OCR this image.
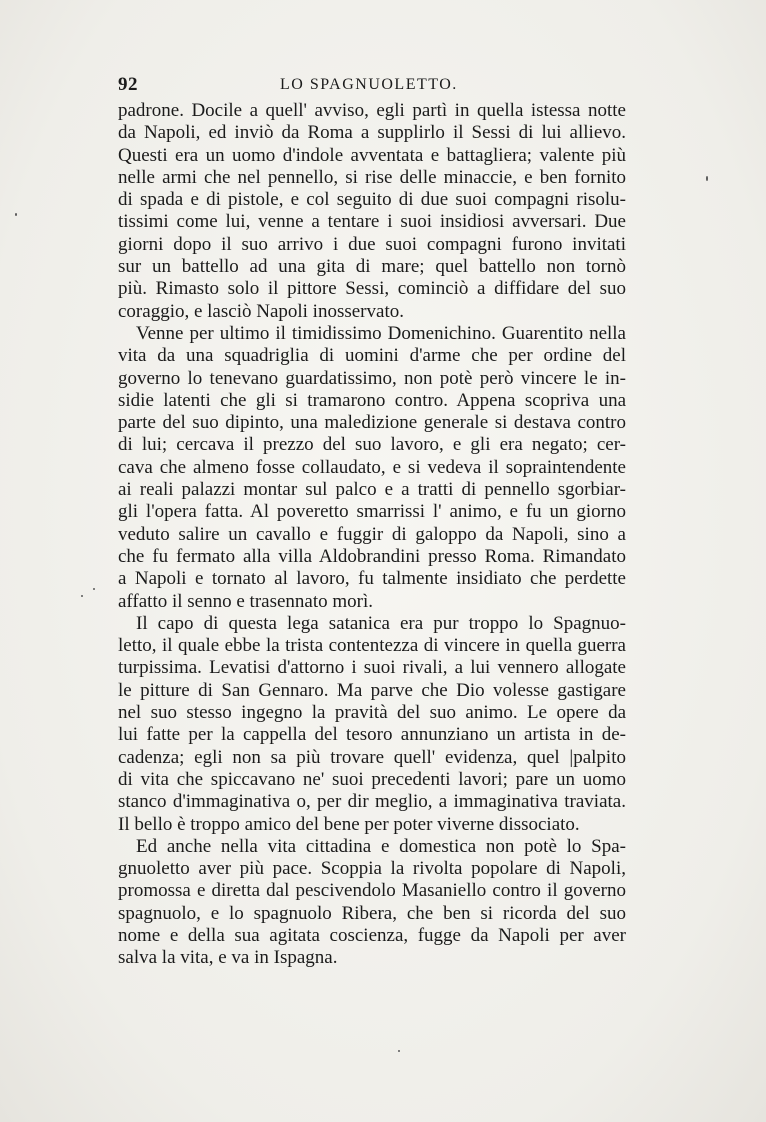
92	LO SPAGNUOLETTO.
padrone. Docile a quell' avviso, egli partì in quella istessa notte
da Napoli, ed inviò da Roma a supplirlo il Sessi di lui allievo.
Questi era un uomo d'indole avventata e battagliera; valente più
nelle armi che nel pennello, si rise delle minaccie, e ben fornito
di spada e di pistole, e col seguito di due suoi compagni risolu-
tissimi come lui, venne a tentare i suoi insidiosi avversari. Due
giorni dopo il suo arrivo i due suoi compagni furono invitati
sur un battello ad una gita di mare; quel battello non tornò
più. Rimasto solo il pittore Sessi, cominciò a diffidare del suo
coraggio, e lasciò Napoli inosservato.
Venne per ultimo il timidissimo Domenichino. Guarentito nella
vita da una squadriglia di uomini d'arme che per ordine del
governo lo tenevano guardatissimo, non potè però vincere le in-
sidie latenti che gli si tramarono contro. Appena scopriva una
parte del suo dipinto, una maledizione generale si destava contro
di lui; cercava il prezzo del suo lavoro, e gli era negato; cer-
cava che almeno fosse collaudato, e si vedeva il sopraintendente
ai reali palazzi montar sul palco e a tratti di pennello sgorbiar-
gli l'opera fatta. Al poveretto smarrissi l' animo, e fu un giorno
veduto salire un cavallo e fuggir di galoppo da Napoli, sino a
che fu fermato alla villa Aldobrandini presso Roma. Rimandato
a Napoli e tornato al lavoro, fu talmente insidiato che perdette
affatto il senno e trasennato morì.
Il capo di questa lega satanica era pur troppo lo Spagnuo-
letto, il quale ebbe la trista contentezza di vincere in quella guerra
turpissima. Levatisi d'attorno i suoi rivali, a lui vennero allogate
le pitture di San Gennaro. Ma parve che Dio volesse gastigare
nel suo stesso ingegno la pravità del suo animo. Le opere da
lui fatte per la cappella del tesoro annunziano un artista in de-
cadenza; egli non sa più trovare quell' evidenza, quel |palpito
di vita che spiccavano ne' suoi precedenti lavori; pare un uomo
stanco d'immaginativa o, per dir meglio, a immaginativa traviata.
Il bello è troppo amico del bene per poter viverne dissociato.
Ed anche nella vita cittadina e domestica non potè lo Spa-
gnuoletto aver più pace. Scoppia la rivolta popolare di Napoli,
promossa e diretta dal pescivendolo Masaniello contro il governo
spagnuolo, e lo spagnuolo Ribera, che ben si ricorda del suo
nome e della sua agitata coscienza, fugge da Napoli per aver
salva la vita, e va in Ispagna.
